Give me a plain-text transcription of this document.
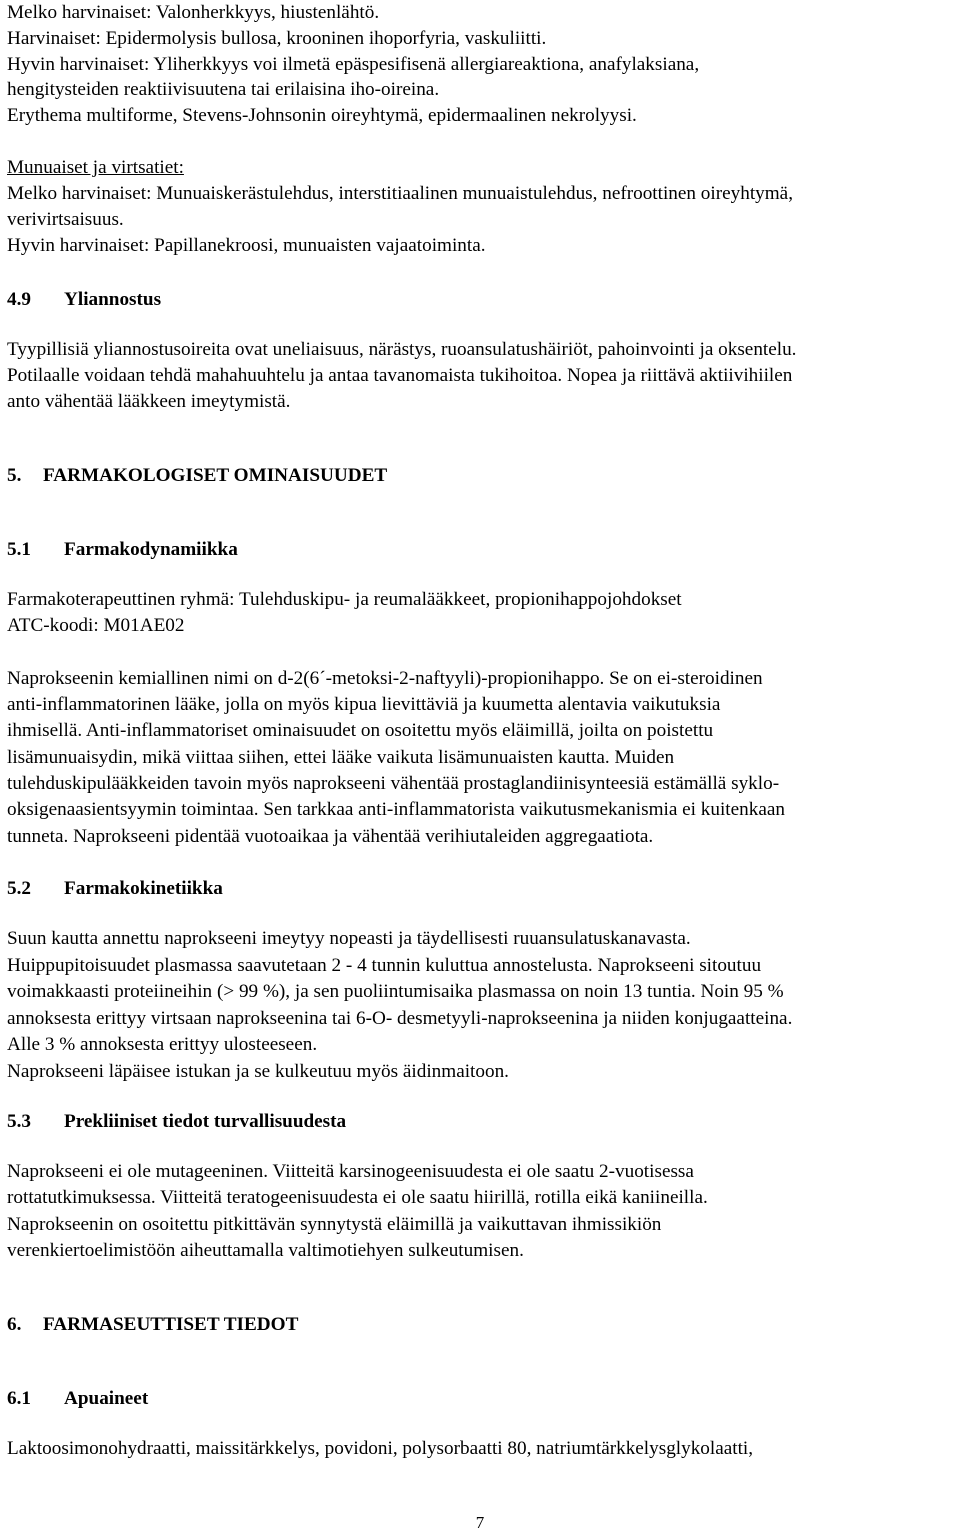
Melko harvinaiset: Valonherkkyys, hiustenlähtö.
Harvinaiset: Epidermolysis bullosa, krooninen ihoporfyria, vaskuliitti.
Hyvin harvinaiset: Yliherkkyys voi ilmetä epäspesifisenä allergiareaktiona, anafylaksiana,
hengitysteiden reaktiivisuutena tai erilaisina iho-oireina.
Erythema multiforme, Stevens-Johnsonin oireyhtymä, epidermaalinen nekrolyysi.
Munuaiset ja virtsatiet:
Melko harvinaiset: Munuaiskerästulehdus, interstitiaalinen munuaistulehdus, nefroottinen oireyhtymä,
verivirtsaisuus.
Hyvin harvinaiset: Papillanekroosi, munuaisten vajaatoiminta.
4.9 Yliannostus
Tyypillisiä yliannostusoireita ovat uneliaisuus, närästys, ruoansulatushäiriöt, pahoinvointi ja oksentelu.
Potilaalle voidaan tehdä mahahuuhtelu ja antaa tavanomaista tukihoitoa. Nopea ja riittävä aktiivihiilen
anto vähentää lääkkeen imeytymistä.
5. FARMAKOLOGISET OMINAISUUDET
5.1 Farmakodynamiikka
Farmakoterapeuttinen ryhmä: Tulehduskipu- ja reumalääkkeet, propionihappojohdokset
ATC-koodi: M01AE02
Naprokseenin kemiallinen nimi on d-2(6´-metoksi-2-naftyyli)-propionihappo. Se on ei-steroidinen
anti-inflammatorinen lääke, jolla on myös kipua lievittäviä ja kuumetta alentavia vaikutuksia
ihmisellä. Anti-inflammatoriset ominaisuudet on osoitettu myös eläimillä, joilta on poistettu
lisämunuaisydin, mikä viittaa siihen, ettei lääke vaikuta lisämunuaisten kautta. Muiden
tulehduskipulääkkeiden tavoin myös naprokseeni vähentää prostaglandiinisynteesiä estämällä syklo-
oksigenaasientsyymin toimintaa. Sen tarkkaa anti-inflammatorista vaikutusmekanismia ei kuitenkaan
tunneta. Naprokseeni pidentää vuotoaikaa ja vähentää verihiutaleiden aggregaatiota.
5.2 Farmakokinetiikka
Suun kautta annettu naprokseeni imeytyy nopeasti ja täydellisesti ruuansulatuskanavasta.
Huippupitoisuudet plasmassa saavutetaan 2 - 4 tunnin kuluttua annostelusta. Naprokseeni sitoutuu
voimakkaasti proteiineihin (> 99 %), ja sen puoliintumisaika plasmassa on noin 13 tuntia. Noin 95 %
annoksesta erittyy virtsaan naprokseenina tai 6-O- desmetyyli-naprokseenina ja niiden konjugaatteina.
Alle 3 % annoksesta erittyy ulosteeseen.
Naprokseeni läpäisee istukan ja se kulkeutuu myös äidinmaitoon.
5.3 Prekliiniset tiedot turvallisuudesta
Naprokseeni ei ole mutageeninen. Viitteitä karsinogeenisuudesta ei ole saatu 2-vuotisessa
rottatutkimuksessa. Viitteitä teratogeenisuudesta ei ole saatu hiirillä, rotilla eikä kaniineilla.
Naprokseenin on osoitettu pitkittävän synnytystä eläimillä ja vaikuttavan ihmissikiön
verenkiertoelimistöön aiheuttamalla valtimotiehyen sulkeutumisen.
6. FARMASEUTTISET TIEDOT
6.1 Apuaineet
Laktoosimonohydraatti, maissitärkkelys, povidoni, polysorbaatti 80, natriumtärkkelysglykolaatti,
7
